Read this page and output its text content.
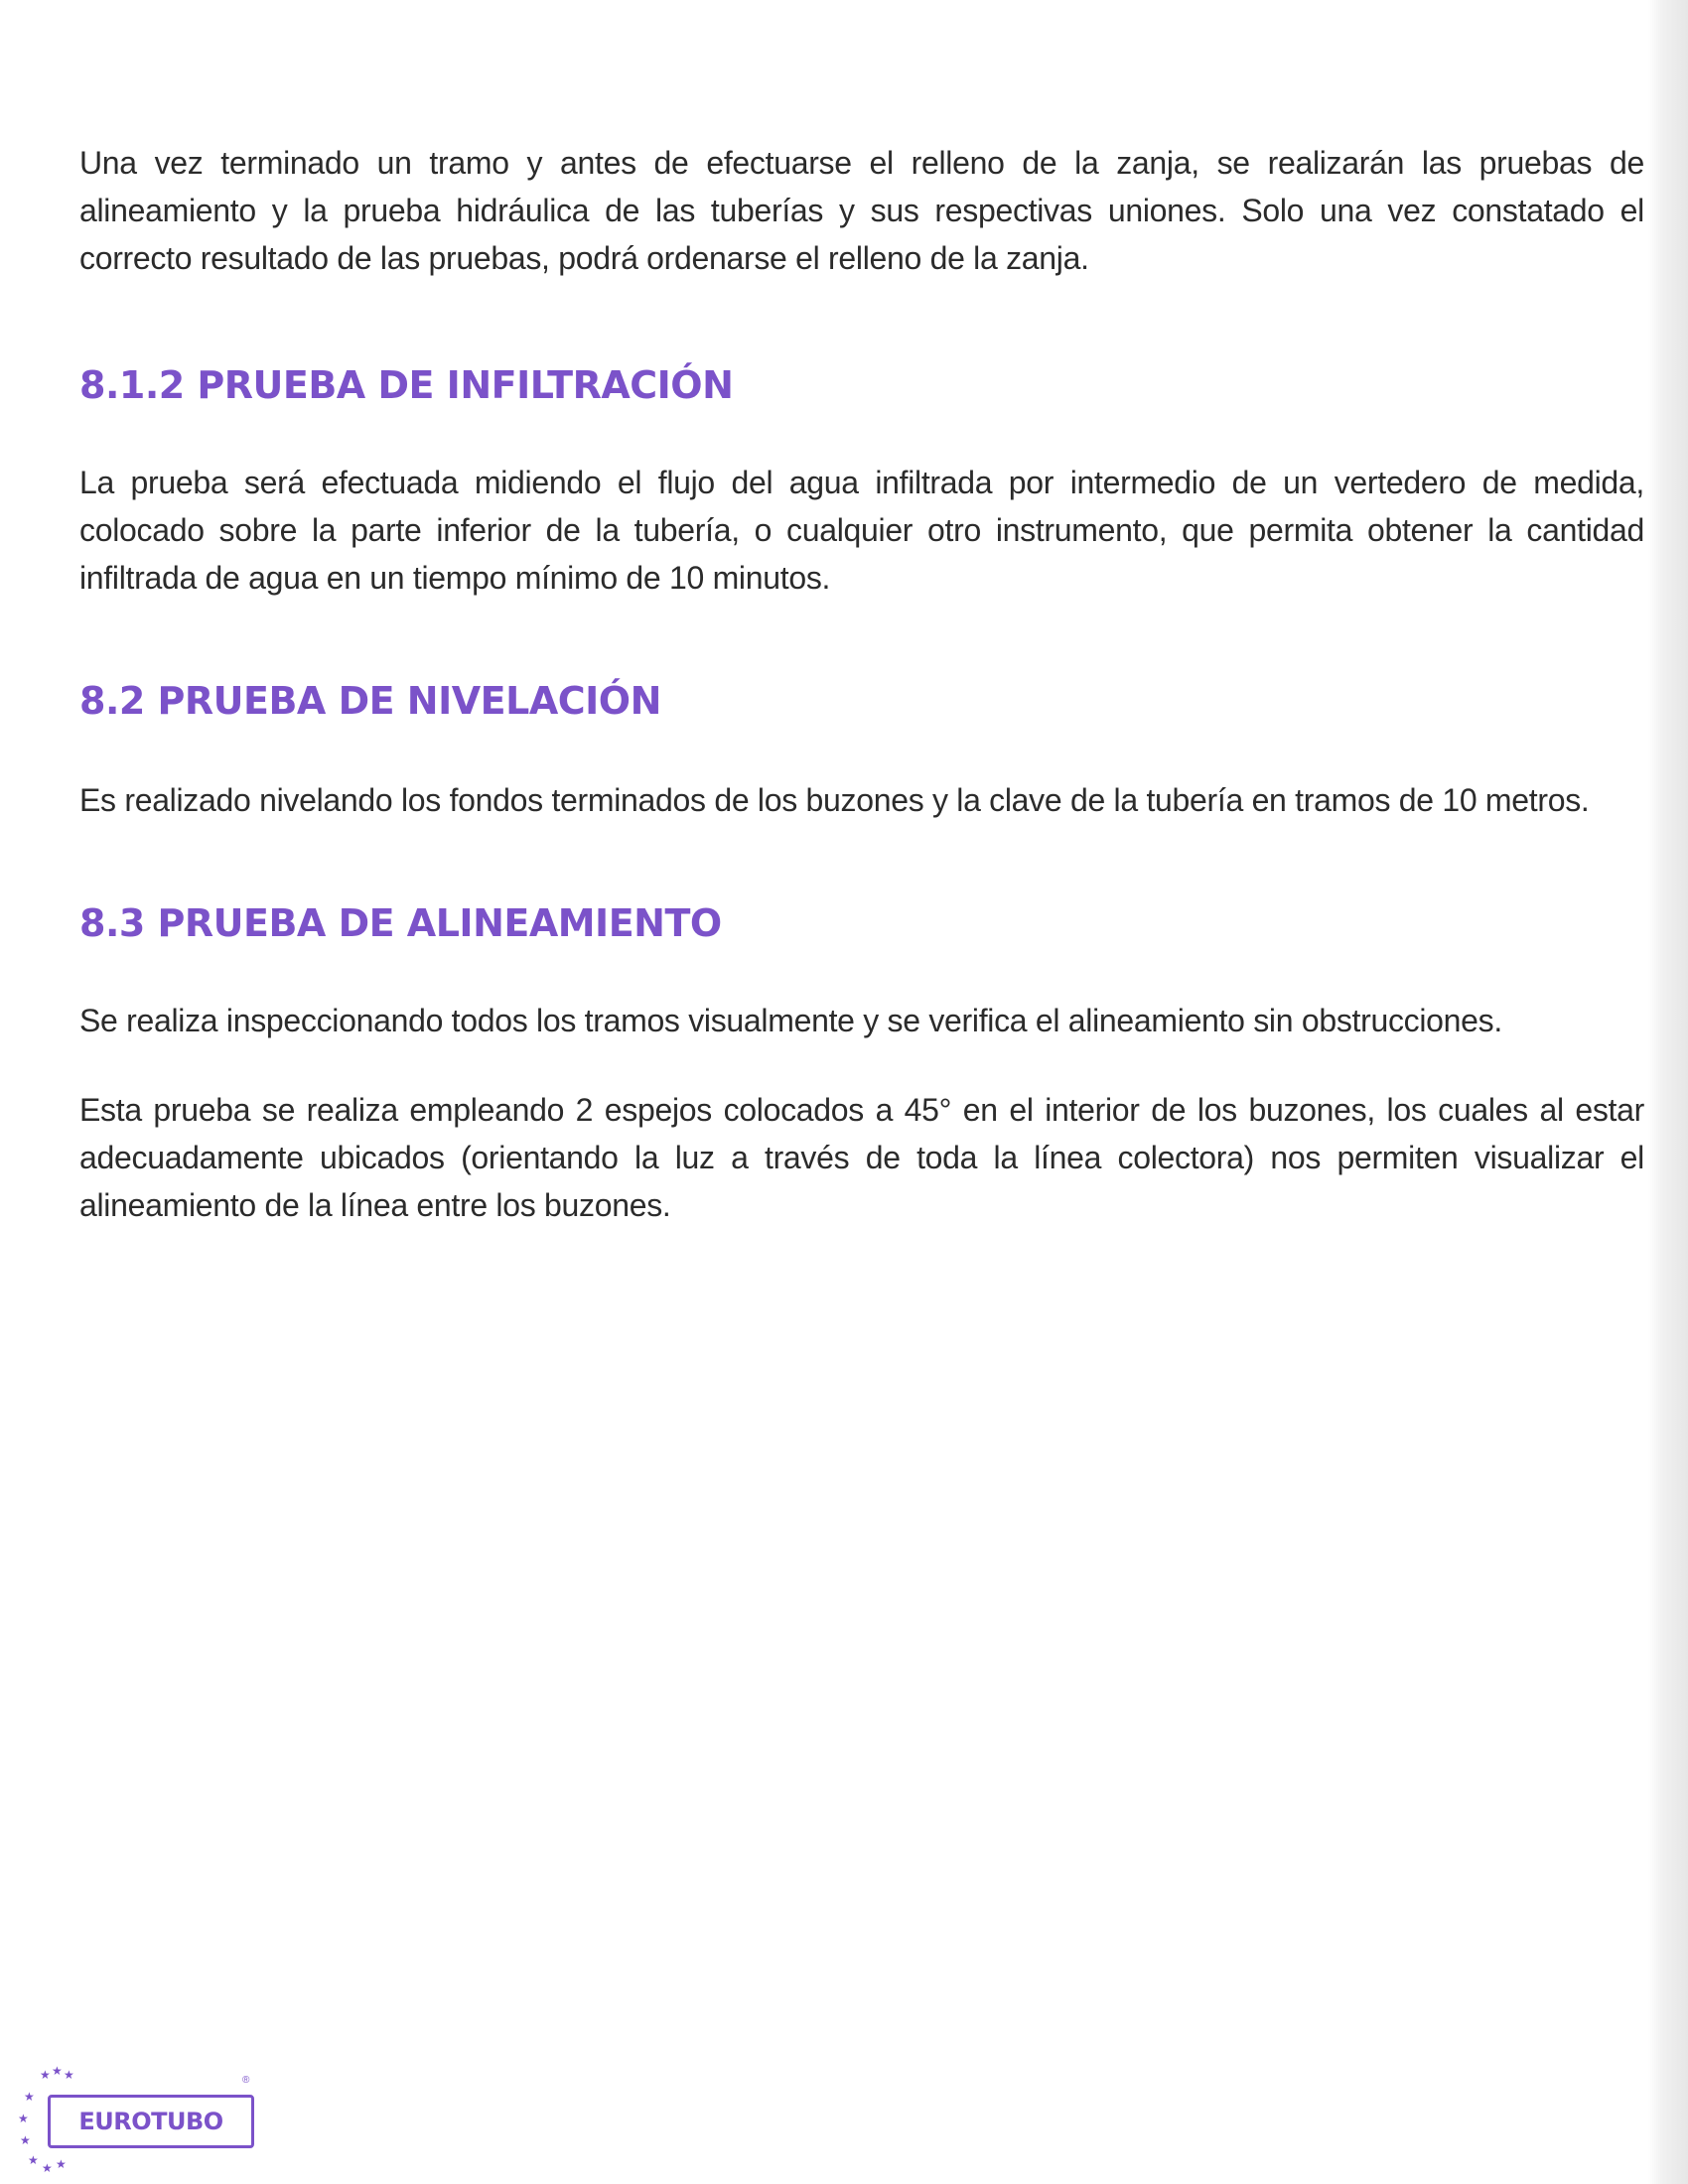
Una vez terminado un tramo y antes de efectuarse el relleno de la zanja, se realizarán las pruebas de alineamiento y la prueba hidráulica de las tuberías y sus respectivas uniones. Solo una vez constatado el correcto resultado de las pruebas, podrá ordenarse el relleno de la zanja.

8.1.2 PRUEBA DE INFILTRACIÓN

La prueba será efectuada midiendo el flujo del agua infiltrada por intermedio de un vertedero de medida, colocado sobre la parte inferior de la tubería, o cualquier otro instrumento, que permita obtener la cantidad infiltrada de agua en un tiempo mínimo de 10 minutos.

8.2 PRUEBA DE NIVELACIÓN

Es realizado nivelando los fondos terminados de los buzones y la clave de la tubería en tramos de 10 metros.

8.3 PRUEBA DE ALINEAMIENTO

Se realiza inspeccionando todos los tramos visualmente y se verifica el alineamiento sin obstrucciones.

Esta prueba se realiza empleando 2 espejos colocados a 45° en el interior de los buzones, los cuales al estar adecuadamente ubicados (orientando la luz a través de toda la línea colectora) nos permiten visualizar el alineamiento de la línea entre los buzones.

★ ★ ★
★
★
★
★
★ ★
EUROTUBO
®
